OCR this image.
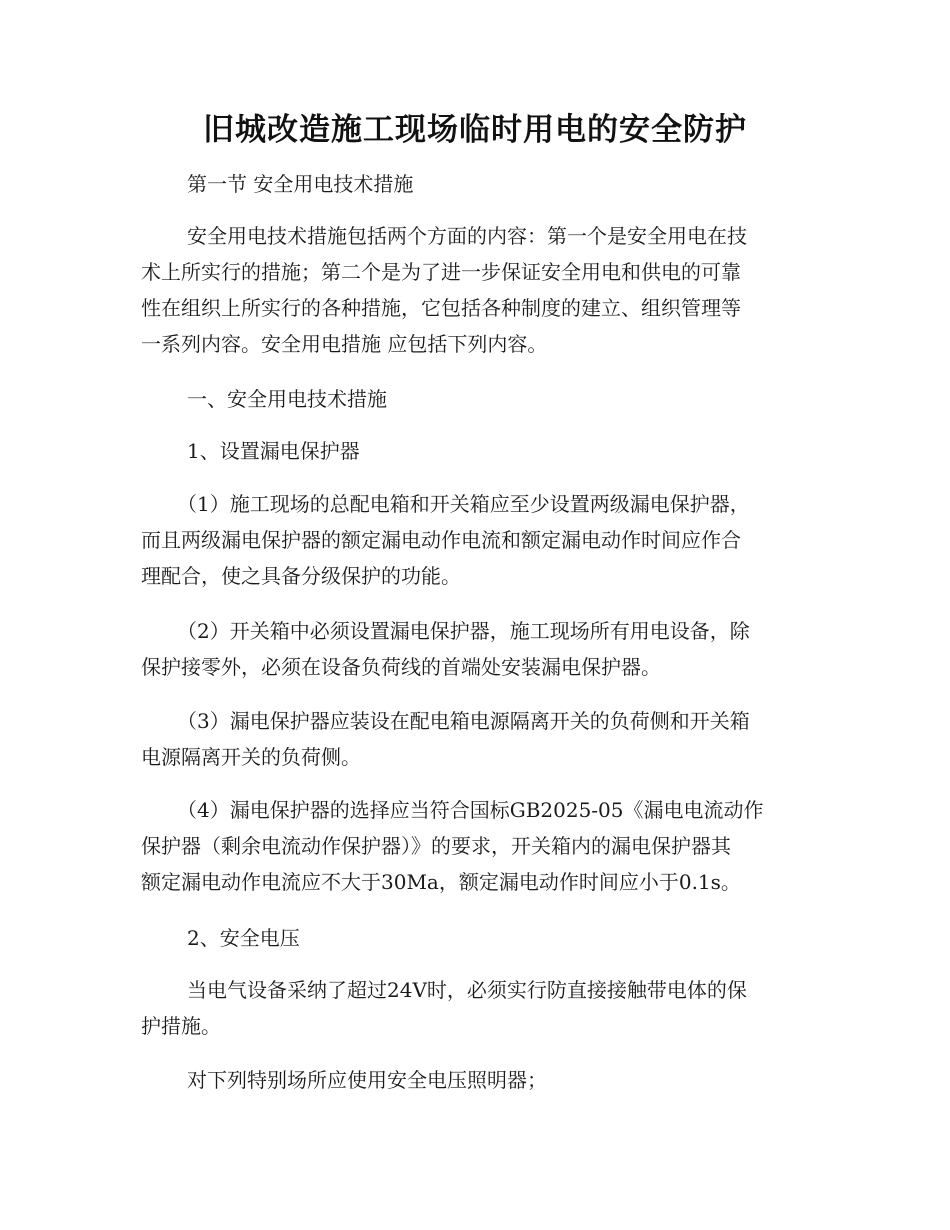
旧城改造施工现场临时用电的安全防护
第一节 安全用电技术措施
安全用电技术措施包括两个方面的内容：第一个是安全用电在技
术上所实行的措施；第二个是为了进一步保证安全用电和供电的可靠
性在组织上所实行的各种措施，它包括各种制度的建立、组织管理等
一系列内容。安全用电措施 应包括下列内容。
一、安全用电技术措施
1、设置漏电保护器
（1）施工现场的总配电箱和开关箱应至少设置两级漏电保护器，
而且两级漏电保护器的额定漏电动作电流和额定漏电动作时间应作合
理配合，使之具备分级保护的功能。
（2）开关箱中必须设置漏电保护器，施工现场所有用电设备，除
保护接零外，必须在设备负荷线的首端处安装漏电保护器。
（3）漏电保护器应装设在配电箱电源隔离开关的负荷侧和开关箱
电源隔离开关的负荷侧。
（4）漏电保护器的选择应当符合国标GB2025-05《漏电电流动作
保护器（剩余电流动作保护器）》的要求，开关箱内的漏电保护器其
额定漏电动作电流应不大于30Ma，额定漏电动作时间应小于0.1s。
2、安全电压
当电气设备采纳了超过24V时，必须实行防直接接触带电体的保
护措施。
对下列特别场所应使用安全电压照明器；
